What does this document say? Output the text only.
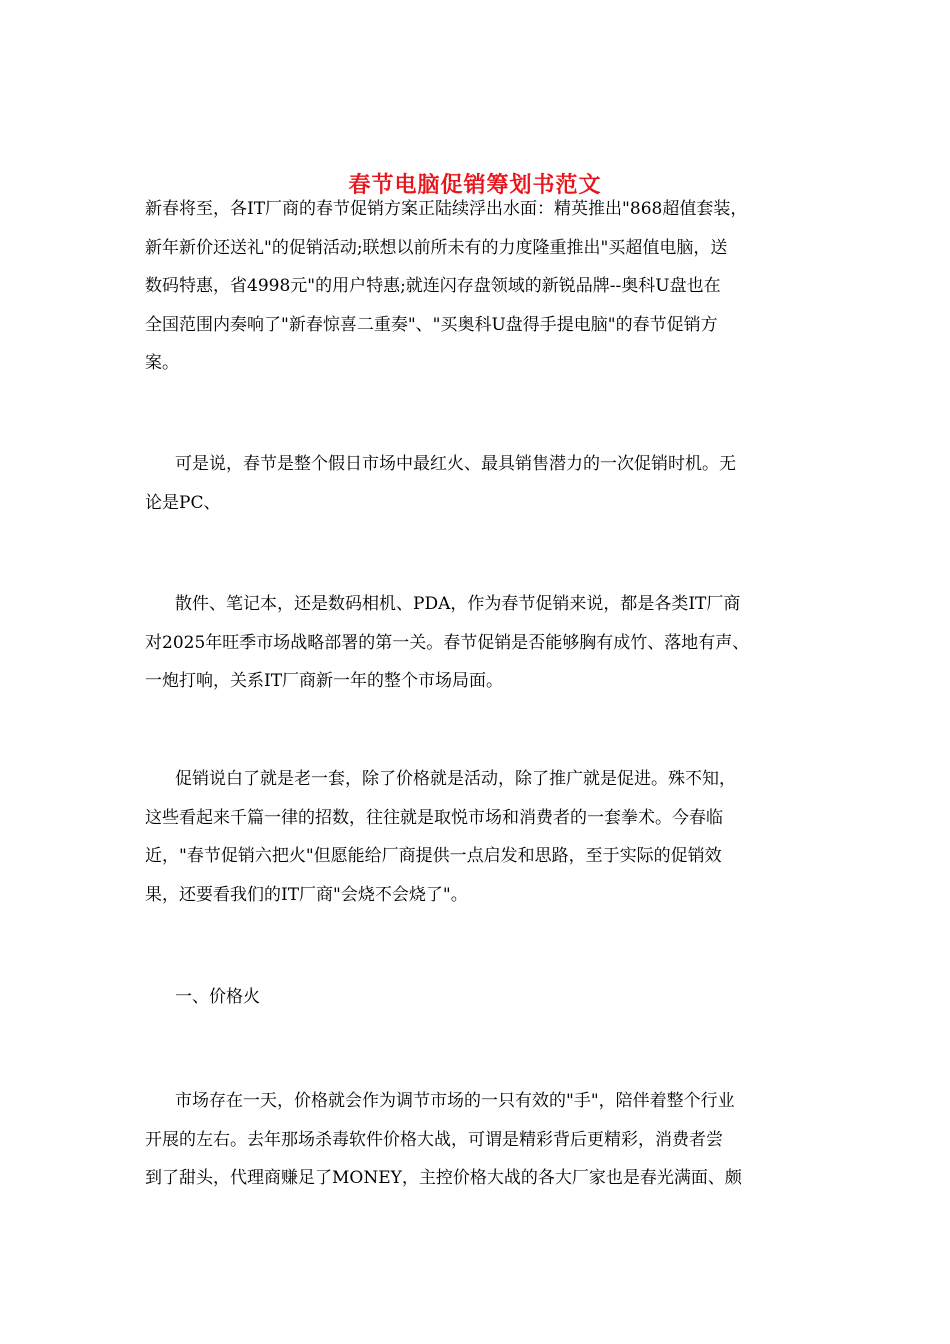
春节电脑促销筹划书范文

新春将至，各IT厂商的春节促销方案正陆续浮出水面：精英推出"868超值套装，
新年新价还送礼"的促销活动;联想以前所未有的力度隆重推出"买超值电脑，送
数码特惠，省4998元"的用户特惠;就连闪存盘领域的新锐品牌--奥科U盘也在
全国范围内奏响了"新春惊喜二重奏"、"买奥科U盘得手提电脑"的春节促销方
案。

可是说，春节是整个假日市场中最红火、最具销售潜力的一次促销时机。无
论是PC、

散件、笔记本，还是数码相机、PDA，作为春节促销来说，都是各类IT厂商
对2025年旺季市场战略部署的第一关。春节促销是否能够胸有成竹、落地有声、
一炮打响，关系IT厂商新一年的整个市场局面。

促销说白了就是老一套，除了价格就是活动，除了推广就是促进。殊不知，
这些看起来千篇一律的招数，往往就是取悦市场和消费者的一套拳术。今春临
近，"春节促销六把火"但愿能给厂商提供一点启发和思路，至于实际的促销效
果，还要看我们的IT厂商"会烧不会烧了"。

一、价格火

市场存在一天，价格就会作为调节市场的一只有效的"手"，陪伴着整个行业
开展的左右。去年那场杀毒软件价格大战，可谓是精彩背后更精彩，消费者尝
到了甜头，代理商赚足了MONEY，主控价格大战的各大厂家也是春光满面、颇
